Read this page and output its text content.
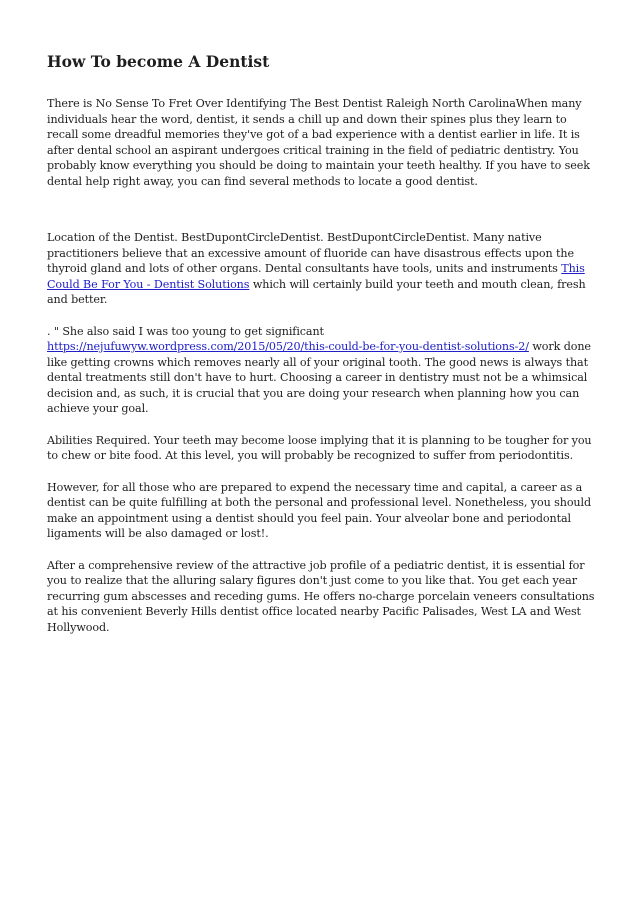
How To become A Dentist

There is No Sense To Fret Over Identifying The Best Dentist Raleigh North CarolinaWhen many individuals hear the word, dentist, it sends a chill up and down their spines plus they learn to recall some dreadful memories they've got of a bad experience with a dentist earlier in life. It is after dental school an aspirant undergoes critical training in the field of pediatric dentistry. You probably know everything you should be doing to maintain your teeth healthy. If you have to seek dental help right away, you can find several methods to locate a good dentist.

Location of the Dentist. BestDupontCircleDentist. BestDupontCircleDentist. Many native practitioners believe that an excessive amount of fluoride can have disastrous effects upon the thyroid gland and lots of other organs. Dental consultants have tools, units and instruments This Could Be For You - Dentist Solutions which will certainly build your teeth and mouth clean, fresh and better.

. " She also said I was too young to get significant https://nejufuwyw.wordpress.com/2015/05/20/this-could-be-for-you-dentist-solutions-2/ work done like getting crowns which removes nearly all of your original tooth. The good news is always that dental treatments still don't have to hurt. Choosing a career in dentistry must not be a whimsical decision and, as such, it is crucial that you are doing your research when planning how you can achieve your goal.

Abilities Required. Your teeth may become loose implying that it is planning to be tougher for you to chew or bite food. At this level, you will probably be recognized to suffer from periodontitis.

However, for all those who are prepared to expend the necessary time and capital, a career as a dentist can be quite fulfilling at both the personal and professional level. Nonetheless, you should make an appointment using a dentist should you feel pain. Your alveolar bone and periodontal ligaments will be also damaged or lost!.

After a comprehensive review of the attractive job profile of a pediatric dentist, it is essential for you to realize that the alluring salary figures don't just come to you like that. You get each year recurring gum abscesses and receding gums. He offers no-charge porcelain veneers consultations at his convenient Beverly Hills dentist office located nearby Pacific Palisades, West LA and West Hollywood.
